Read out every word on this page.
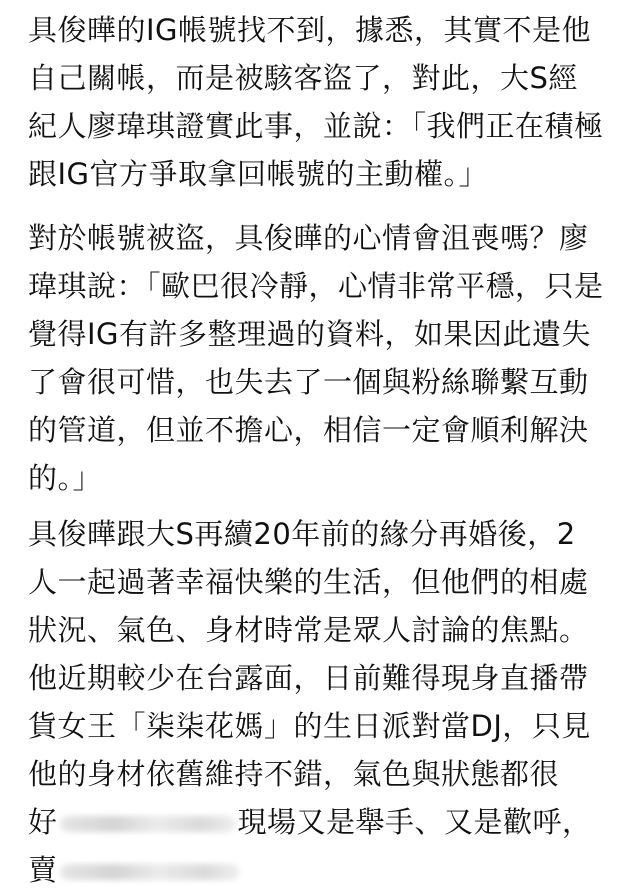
具俊曄的IG帳號找不到，據悉，其實不是他
自己關帳，而是被駭客盜了，對此，大S經
紀人廖瑋琪證實此事，並說：「我們正在積極
跟IG官方爭取拿回帳號的主動權。」
對於帳號被盜，具俊曄的心情會沮喪嗎？廖
瑋琪說：「歐巴很冷靜，心情非常平穩，只是
覺得IG有許多整理過的資料，如果因此遺失
了會很可惜，也失去了一個與粉絲聯繫互動
的管道，但並不擔心，相信一定會順利解決
的。」
具俊曄跟大S再續20年前的緣分再婚後，2
人一起過著幸福快樂的生活，但他們的相處
狀況、氣色、身材時常是眾人討論的焦點。
他近期較少在台露面，日前難得現身直播帶
貨女王「柒柒花媽」的生日派對當DJ，只見
他的身材依舊維持不錯，氣色與狀態都很
好	現場又是舉手、又是歡呼，
賣
